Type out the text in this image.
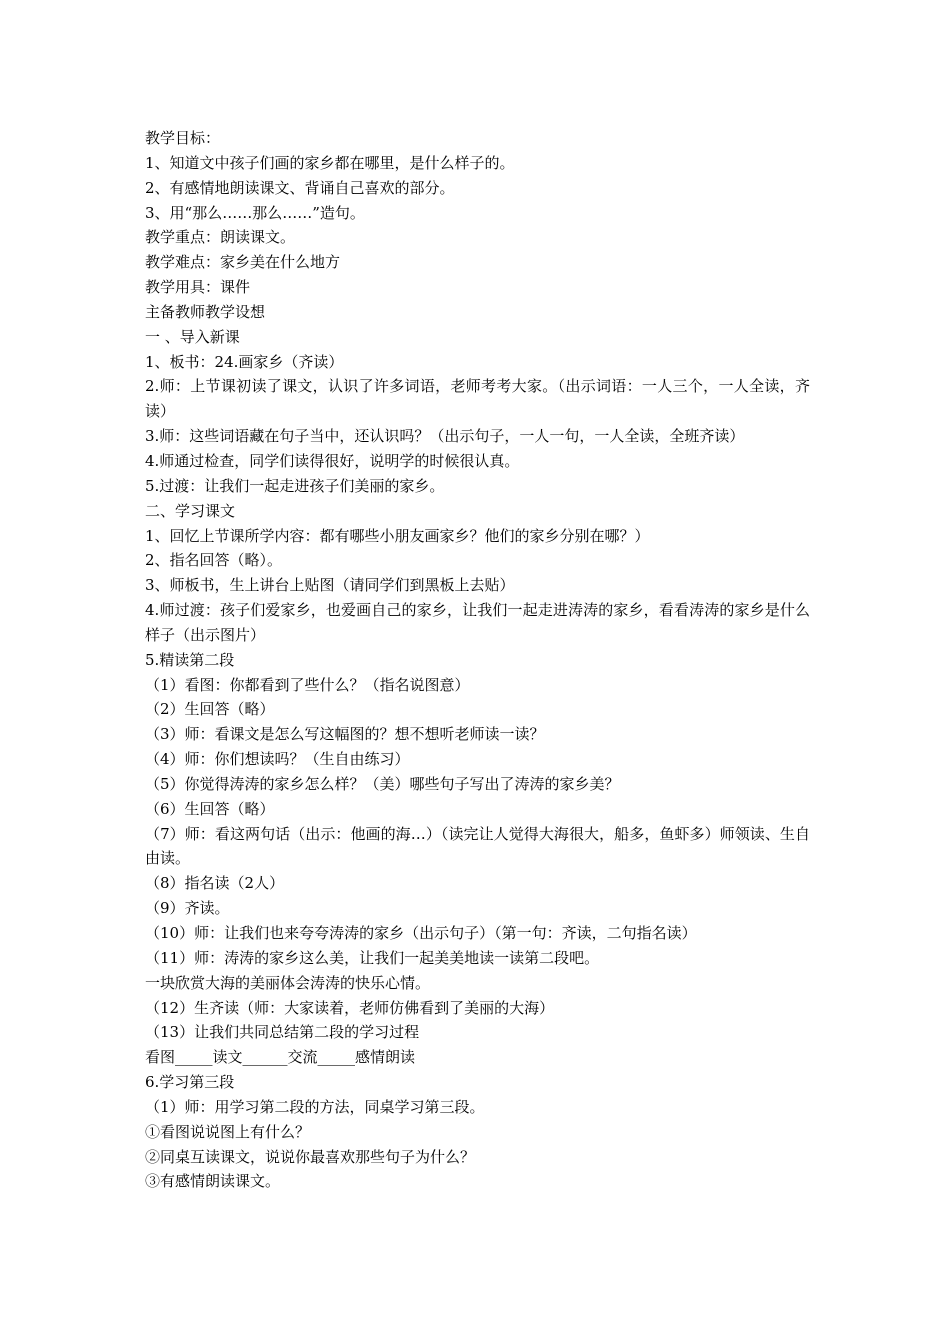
教学目标：

1、知道文中孩子们画的家乡都在哪里，是什么样子的。

2、有感情地朗读课文、背诵自己喜欢的部分。

3、用“那么……那么……”造句。

教学重点：朗读课文。

教学难点：家乡美在什么地方

教学用具：课件

主备教师教学设想

一 、导入新课

1、板书：24.画家乡（齐读）

2.师：上节课初读了课文，认识了许多词语，老师考考大家。（出示词语：一人三个，一人全读，齐读）

3.师：这些词语藏在句子当中，还认识吗？（出示句子，一人一句，一人全读，全班齐读）

4.师通过检查，同学们读得很好，说明学的时候很认真。

5.过渡：让我们一起走进孩子们美丽的家乡。

二、学习课文

1、回忆上节课所学内容：都有哪些小朋友画家乡？他们的家乡分别在哪？）

2、指名回答（略）。

3、师板书，生上讲台上贴图（请同学们到黑板上去贴）

4.师过渡：孩子们爱家乡，也爱画自己的家乡，让我们一起走进涛涛的家乡，看看涛涛的家乡是什么样子（出示图片）

5.精读第二段

（1）看图：你都看到了些什么？（指名说图意）

（2）生回答（略）

（3）师：看课文是怎么写这幅图的？想不想听老师读一读？

（4）师：你们想读吗？（生自由练习）

（5）你觉得涛涛的家乡怎么样？（美）哪些句子写出了涛涛的家乡美？

（6）生回答（略）

（7）师：看这两句话（出示：他画的海…）（读完让人觉得大海很大，船多，鱼虾多）师领读、生自由读。

（8）指名读（2人）

（9）齐读。

（10）师：让我们也来夸夸涛涛的家乡（出示句子）（第一句：齐读，二句指名读）

（11）师：涛涛的家乡这么美，让我们一起美美地读一读第二段吧。

一块欣赏大海的美丽体会涛涛的快乐心情。

（12）生齐读（师：大家读着，老师仿佛看到了美丽的大海）

（13）让我们共同总结第二段的学习过程

看图_____读文______交流_____感情朗读

6.学习第三段

（1）师：用学习第二段的方法，同桌学习第三段。

①看图说说图上有什么？

②同桌互读课文，说说你最喜欢那些句子为什么？

③有感情朗读课文。
